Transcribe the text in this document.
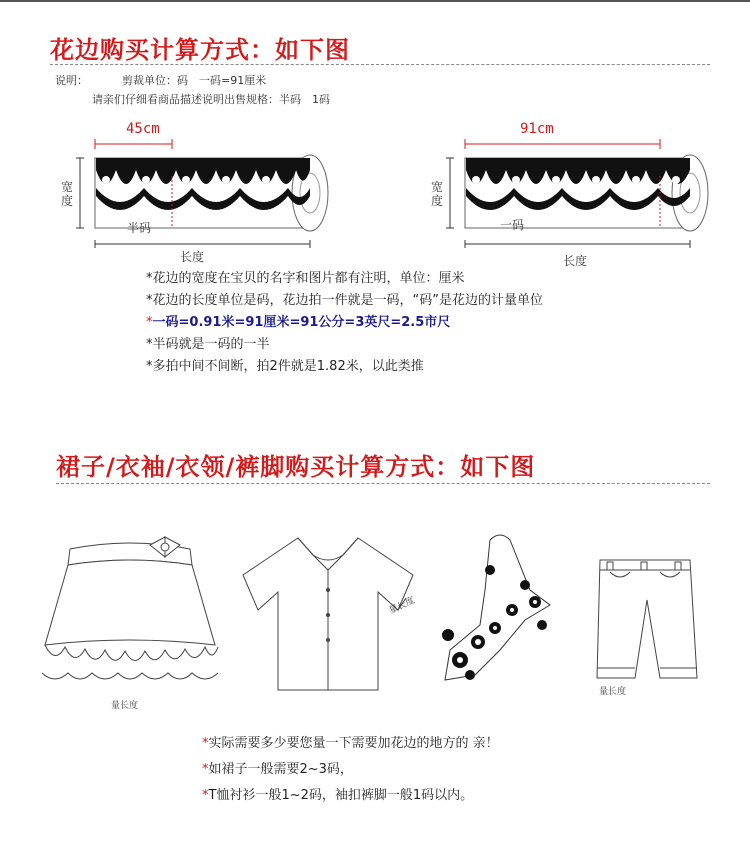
花边购买计算方式：如下图
说明：	剪裁单位：码　一码=91厘米
请亲们仔细看商品描述说明出售规格：半码　1码
45cm
宽度
半码
长度
91cm
宽度
一码
长度
*花边的宽度在宝贝的名字和图片都有注明，单位：厘米
*花边的长度单位是码，花边拍一件就是一码，“码”是花边的计量单位
*一码=0.91米=91厘米=91公分=3英尺=2.5市尺
*半码就是一码的一半
*多拍中间不间断，拍2件就是1.82米，以此类推
裙子/衣袖/衣领/裤脚购买计算方式：如下图
量长度
量长度
量长度
*实际需要多少要您量一下需要加花边的地方的 亲！
*如裙子一般需要2~3码，
*T恤衬衫一般1~2码，袖扣裤脚一般1码以内。
